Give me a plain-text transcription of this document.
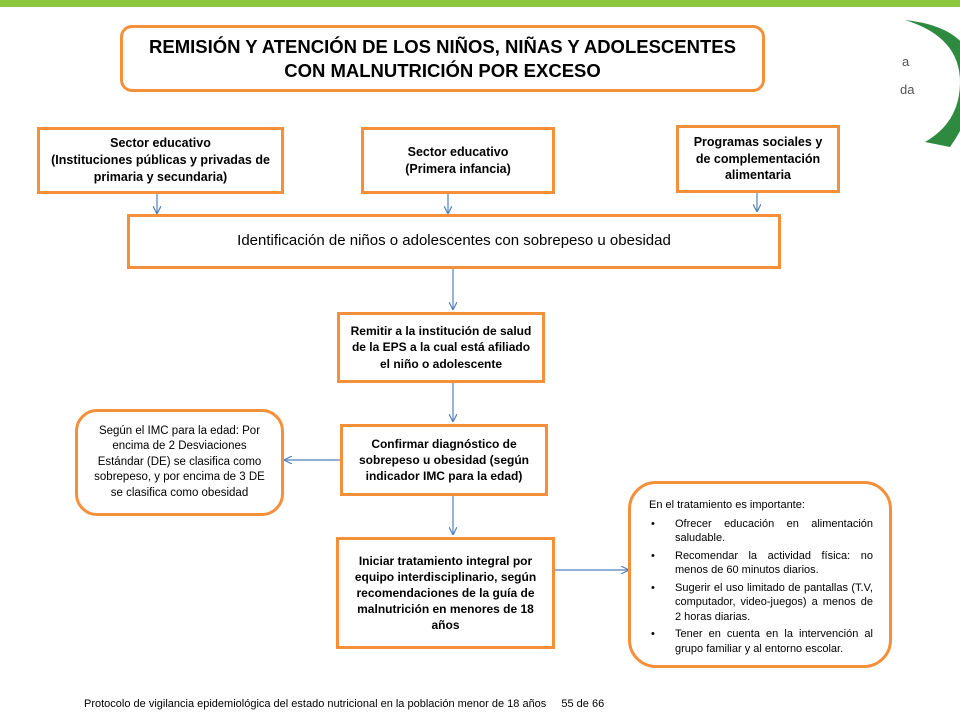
a
da
REMISIÓN Y ATENCIÓN DE LOS NIÑOS, NIÑAS Y ADOLESCENTES CON MALNUTRICIÓN POR EXCESO
Sector educativo
(Instituciones públicas y privadas de primaria y secundaria)
Sector educativo
(Primera infancia)
Programas sociales y de complementación alimentaria
Identificación de niños o adolescentes con sobrepeso u obesidad
Remitir a la institución de salud de la EPS a la cual está afiliado el niño o adolescente
Confirmar diagnóstico de sobrepeso u obesidad (según indicador IMC para la edad)
Iniciar tratamiento integral por equipo interdisciplinario, según recomendaciones de la guía de malnutrición en menores de 18 años
Según el IMC para la edad: Por encima de 2 Desviaciones Estándar (DE) se clasifica como sobrepeso, y por encima de 3 DE se clasifica como obesidad
En el tratamiento es importante:
• Ofrecer educación en alimentación saludable.
• Recomendar la actividad física: no menos de 60 minutos diarios.
• Sugerir el uso limitado de pantallas (T.V, computador, video-juegos) a menos de 2 horas diarias.
• Tener en cuenta en la intervención al grupo familiar y al entorno escolar.
Protocolo de vigilancia epidemiológica del estado nutricional en la población menor de 18 años 55 de 66
